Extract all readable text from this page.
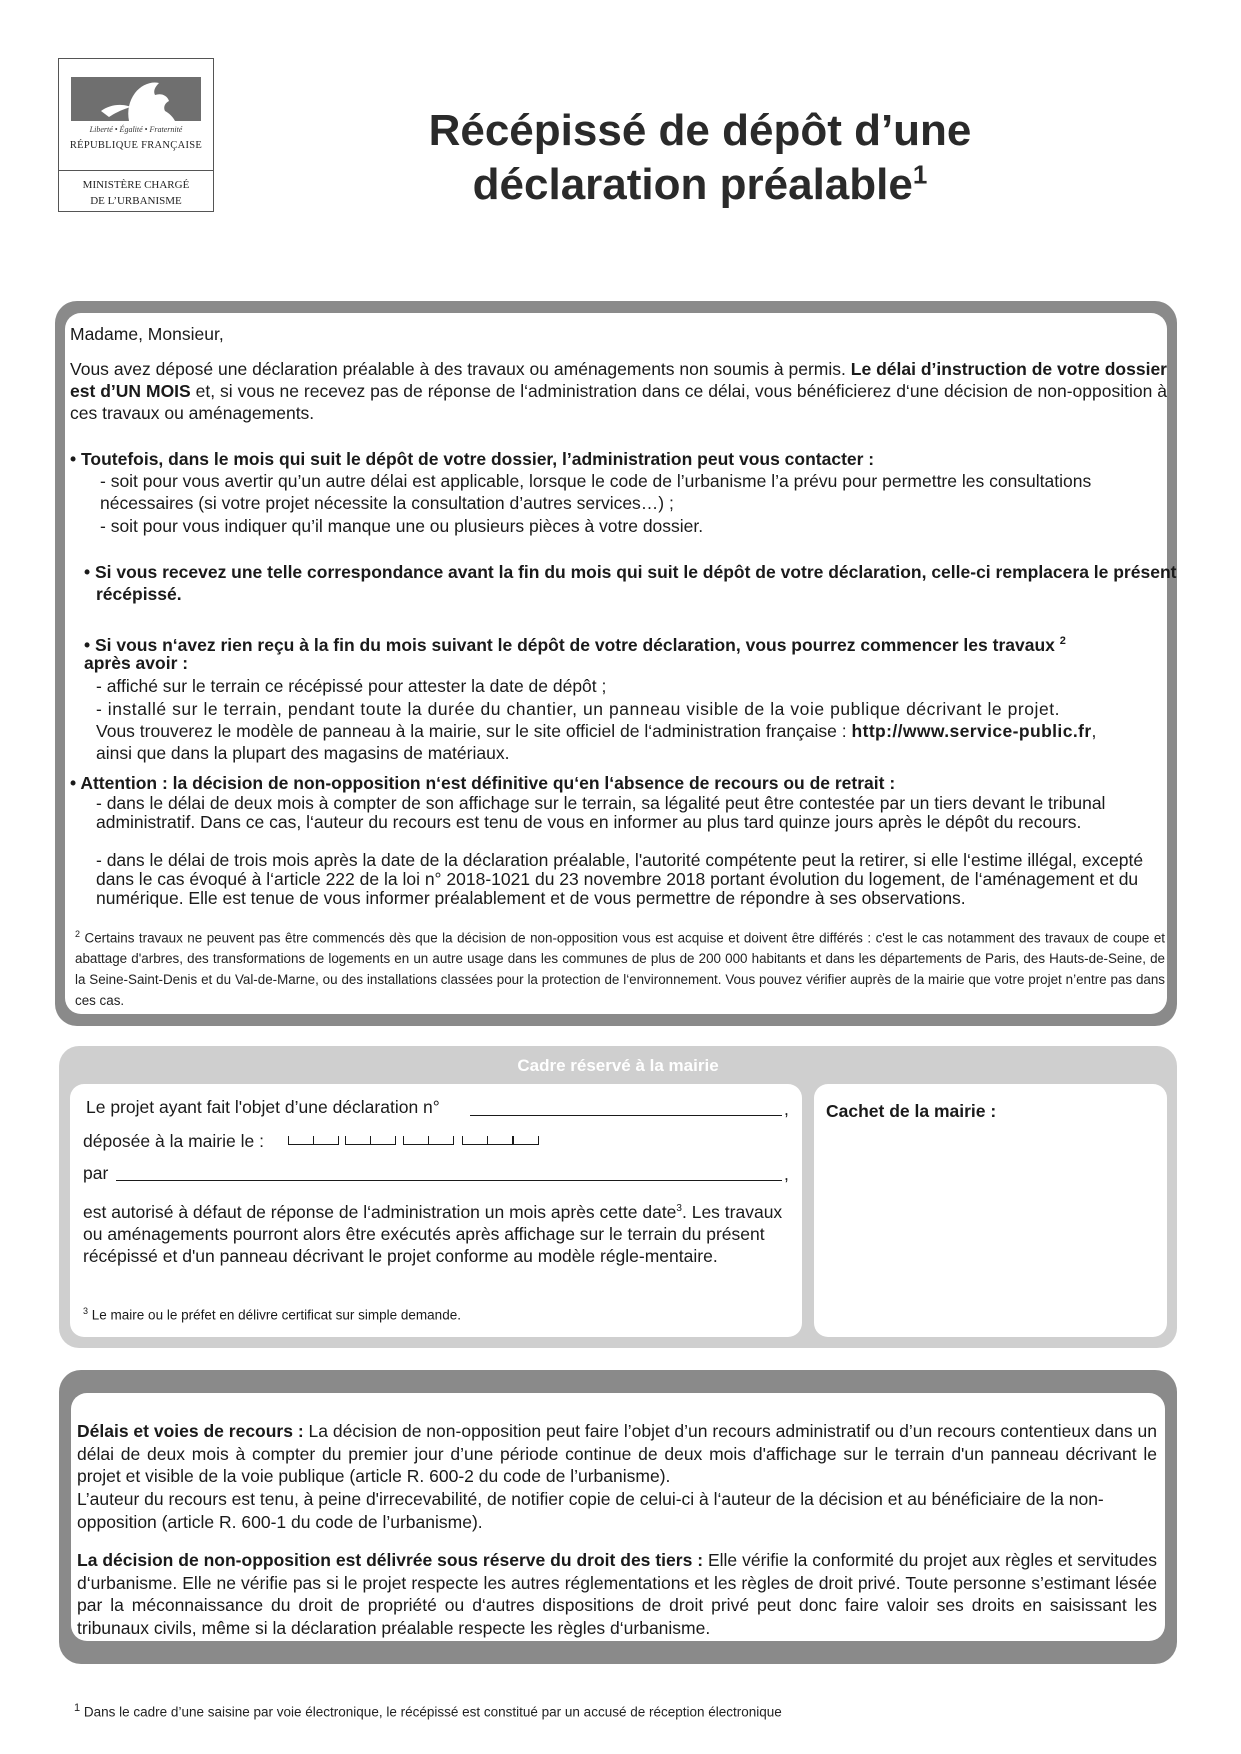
Liberté • Égalité • Fraternité
RÉPUBLIQUE FRANÇAISE
MINISTÈRE CHARGÉ
DE L’URBANISME
Récépissé de dépôt d’une
déclaration préalable$^1$
Madame, Monsieur,
Vous avez déposé une déclaration préalable à des travaux ou aménagements non soumis à permis. Le délai d’instruction de votre dossier est d’UN MOIS et, si vous ne recevez pas de réponse de l‘administration dans ce délai, vous bénéficierez d‘une décision de non-opposition à ces travaux ou aménagements.
• Toutefois, dans le mois qui suit le dépôt de votre dossier, l’administration peut vous contacter :
- soit pour vous avertir qu’un autre délai est applicable, lorsque le code de l’urbanisme l’a prévu pour permettre les consultations nécessaires (si votre projet nécessite la consultation d’autres services…) ;
- soit pour vous indiquer qu’il manque une ou plusieurs pièces à votre dossier.
• Si vous recevez une telle correspondance avant la fin du mois qui suit le dépôt de votre déclaration, celle-ci remplacera le présent récépissé.
• Si vous n‘avez rien reçu à la fin du mois suivant le dépôt de votre déclaration, vous pourrez commencer les travaux $^2$
après avoir :
- affiché sur le terrain ce récépissé pour attester la date de dépôt ;
- installé sur le terrain, pendant toute la durée du chantier, un panneau visible de la voie publique décrivant le projet.
Vous trouverez le modèle de panneau à la mairie, sur le site officiel de l‘administration française : http://www.service-public.fr, ainsi que dans la plupart des magasins de matériaux.
• Attention : la décision de non-opposition n‘est définitive qu‘en l‘absence de recours ou de retrait :
- dans le délai de deux mois à compter de son affichage sur le terrain, sa légalité peut être contestée par un tiers devant le tribunal administratif. Dans ce cas, l‘auteur du recours est tenu de vous en informer au plus tard quinze jours après le dépôt du recours.
- dans le délai de trois mois après la date de la déclaration préalable, l'autorité compétente peut la retirer, si elle l‘estime illégal, excepté dans le cas évoqué à l‘article 222 de la loi n° 2018-1021 du 23 novembre 2018 portant évolution du logement, de l‘aménagement et du numérique. Elle est tenue de vous informer préalablement et de vous permettre de répondre à ses observations.
$^2$ Certains travaux ne peuvent pas être commencés dès que la décision de non-opposition vous est acquise et doivent être différés : c'est le cas notamment des travaux de coupe et abattage d'arbres, des transformations de logements en un autre usage dans les communes de plus de 200 000 habitants et dans les départements de Paris, des Hauts-de-Seine, de la Seine-Saint-Denis et du Val-de-Marne, ou des installations classées pour la protection de l‘environnement. Vous pouvez vérifier auprès de la mairie que votre projet n’entre pas dans ces cas.
Cadre réservé à la mairie
Le projet ayant fait l'objet d’une déclaration n°	,
déposée à la mairie le :
par	,
est autorisé à défaut de réponse de l‘administration un mois après cette date$^3$. Les travaux ou aménagements pourront alors être exécutés après affichage sur le terrain du présent récépissé et d'un panneau décrivant le projet conforme au modèle régle-mentaire.
$^3$ Le maire ou le préfet en délivre certificat sur simple demande.
Cachet de la mairie :
Délais et voies de recours : La décision de non-opposition peut faire l’objet d’un recours administratif ou d’un recours contentieux dans un délai de deux mois à compter du premier jour d’une période continue de deux mois d'affichage sur le terrain d'un panneau décrivant le projet et visible de la voie publique (article R. 600-2 du code de l’urbanisme).
L’auteur du recours est tenu, à peine d'irrecevabilité, de notifier copie de celui-ci à l‘auteur de la décision et au bénéficiaire de la non-opposition (article R. 600-1 du code de l’urbanisme).
La décision de non-opposition est délivrée sous réserve du droit des tiers : Elle vérifie la conformité du projet aux règles et servitudes d‘urbanisme. Elle ne vérifie pas si le projet respecte les autres réglementations et les règles de droit privé. Toute personne s’estimant lésée par la méconnaissance du droit de propriété ou d‘autres dispositions de droit privé peut donc faire valoir ses droits en saisissant les tribunaux civils, même si la déclaration préalable respecte les règles d‘urbanisme.
$^1$ Dans le cadre d’une saisine par voie électronique, le récépissé est constitué par un accusé de réception électronique
